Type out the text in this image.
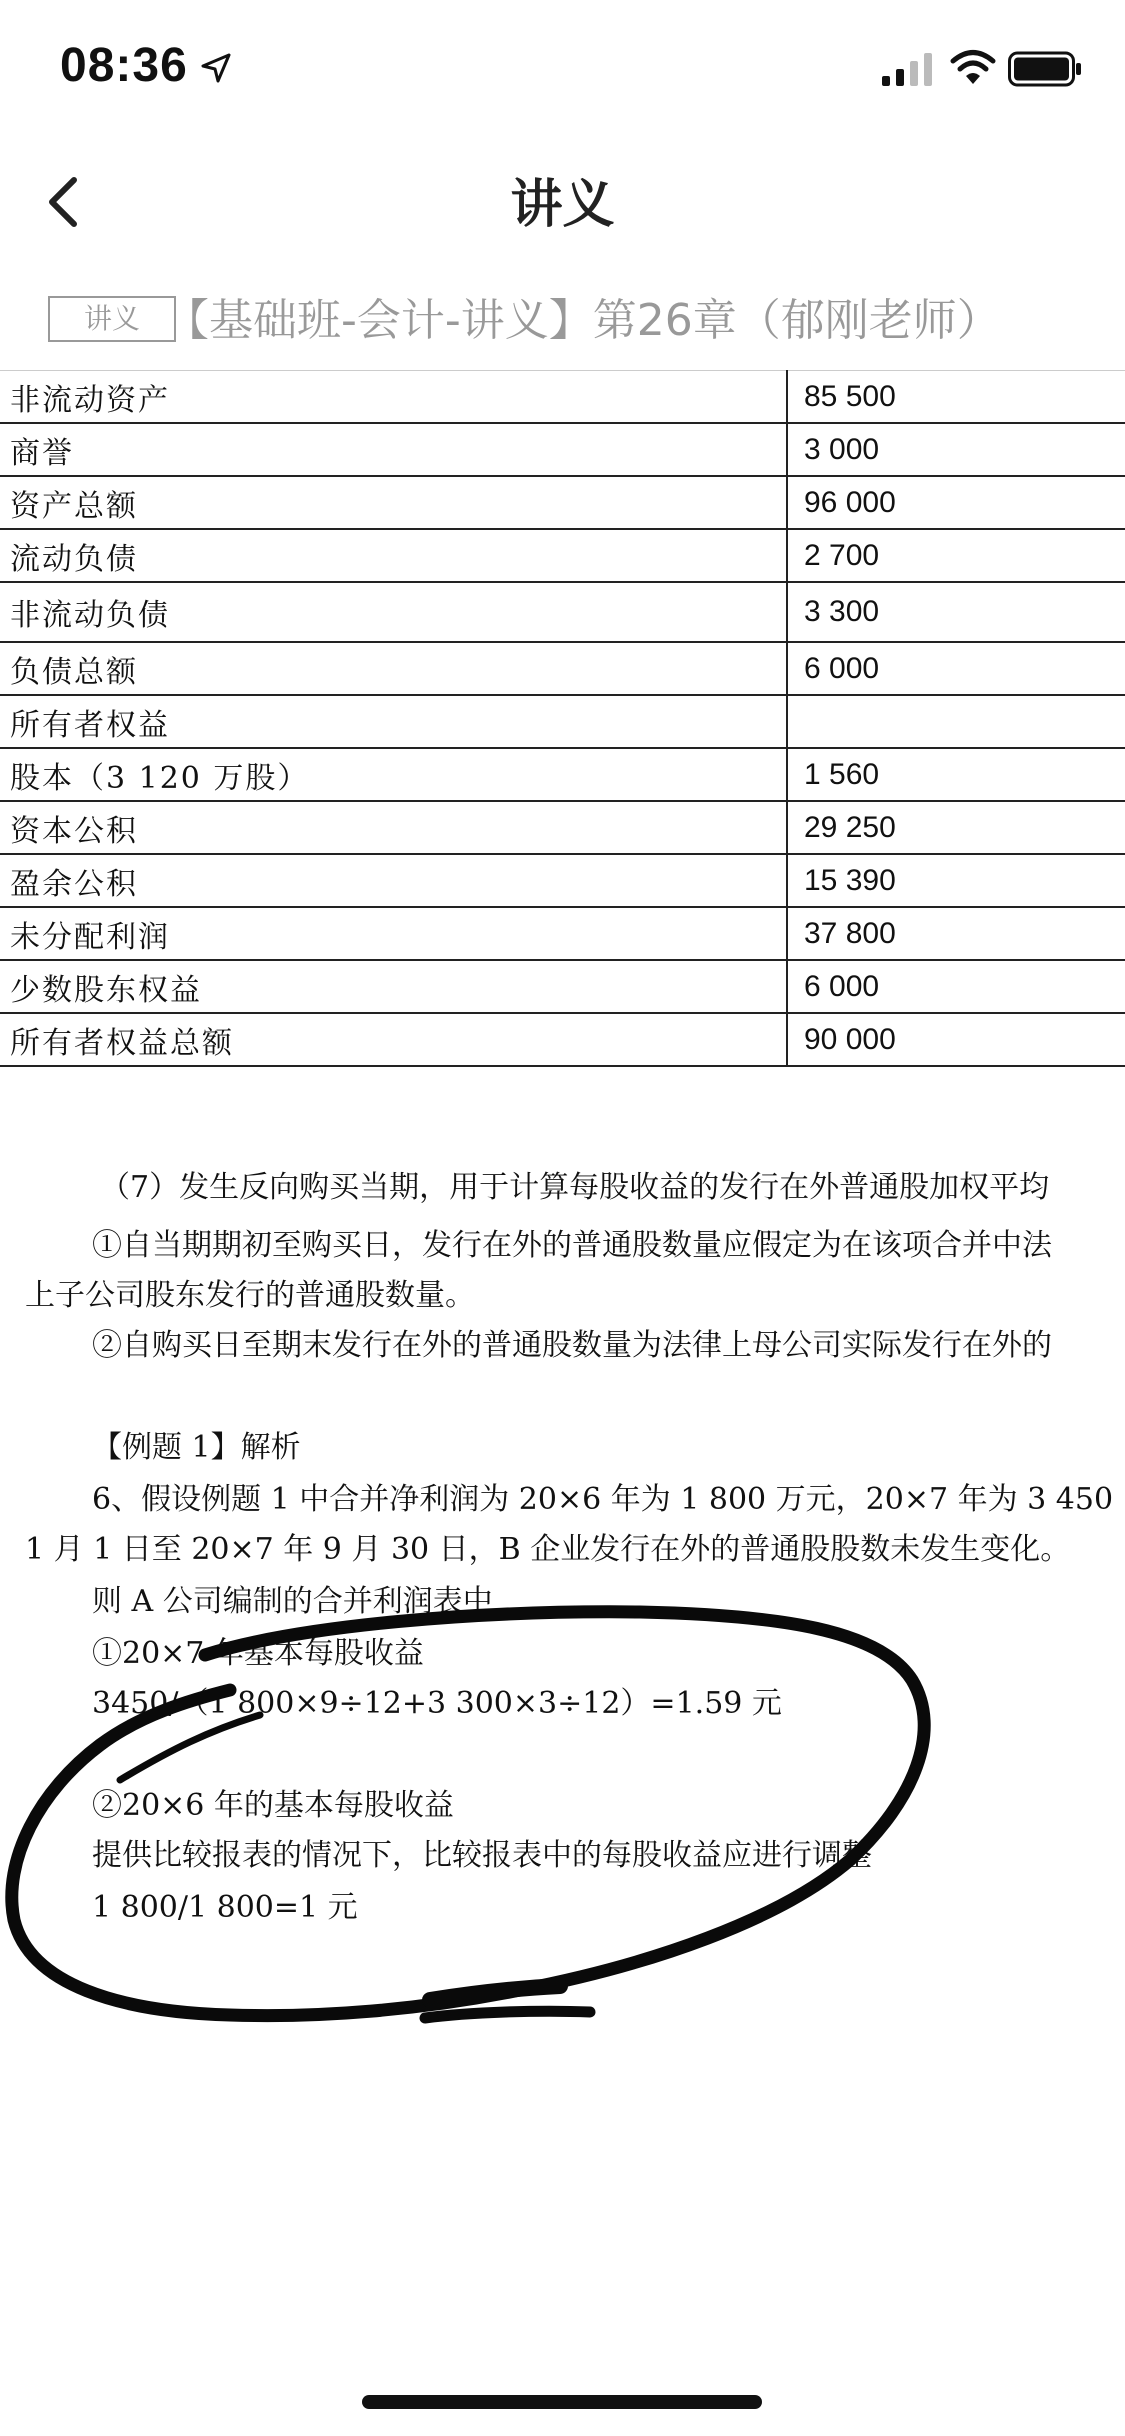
08:36
讲义
讲义 【基础班-会计-讲义】第26章（郁刚老师）
非流动资产	85 500
商誉	3 000
资产总额	96 000
流动负债	2 700
非流动负债	3 300
负债总额	6 000
所有者权益	
股本（3 120 万股）	1 560
资本公积	29 250
盈余公积	15 390
未分配利润	37 800
少数股东权益	6 000
所有者权益总额	90 000
（7）发生反向购买当期，用于计算每股收益的发行在外普通股加权平均
①自当期期初至购买日，发行在外的普通股数量应假定为在该项合并中法
上子公司股东发行的普通股数量。
②自购买日至期末发行在外的普通股数量为法律上母公司实际发行在外的
【例题 1】解析
6、假设例题 1 中合并净利润为 20×6 年为 1 800 万元，20×7 年为 3 450
1 月 1 日至 20×7 年 9 月 30 日，B 企业发行在外的普通股股数未发生变化。
则 A 公司编制的合并利润表中
①20×7 年基本每股收益
3450/（1 800×9÷12+3 300×3÷12）=1.59 元
②20×6 年的基本每股收益
提供比较报表的情况下，比较报表中的每股收益应进行调整
1 800/1 800=1 元
